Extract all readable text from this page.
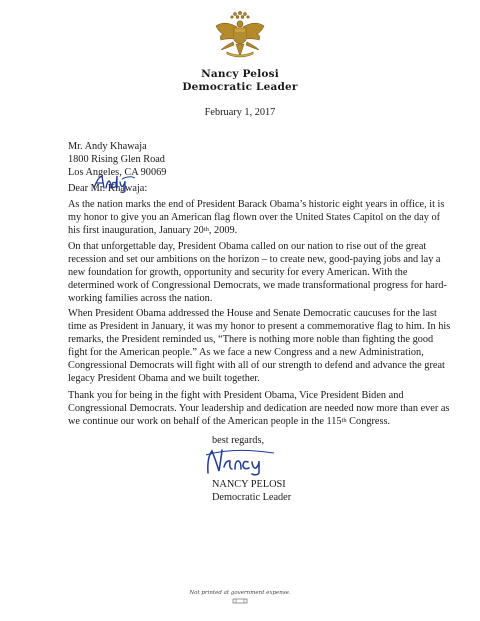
Nancy Pelosi
Democratic Leader
February 1, 2017
Mr. Andy Khawaja
1800 Rising Glen Road
Los Angeles, CA 90069
Dear Mr. Khawaja:
As the nation marks the end of President Barack Obama’s historic eight years in office, it is
my honor to give you an American flag flown over the United States Capitol on the day of
his first inauguration, January 20th, 2009.
On that unforgettable day, President Obama called on our nation to rise out of the great
recession and set our ambitions on the horizon – to create new, good-paying jobs and lay a
new foundation for growth, opportunity and security for every American. With the
determined work of Congressional Democrats, we made transformational progress for hard-
working families across the nation.
When President Obama addressed the House and Senate Democratic caucuses for the last
time as President in January, it was my honor to present a commemorative flag to him. In his
remarks, the President reminded us, “There is nothing more noble than fighting the good
fight for the American people.” As we face a new Congress and a new Administration,
Congressional Democrats will fight with all of our strength to defend and advance the great
legacy President Obama and we built together.
Thank you for being in the fight with President Obama, Vice President Biden and
Congressional Democrats. Your leadership and dedication are needed now more than ever as
we continue our work on behalf of the American people in the 115th Congress.
best regards,
NANCY PELOSI
Democratic Leader
Not printed at government expense.
